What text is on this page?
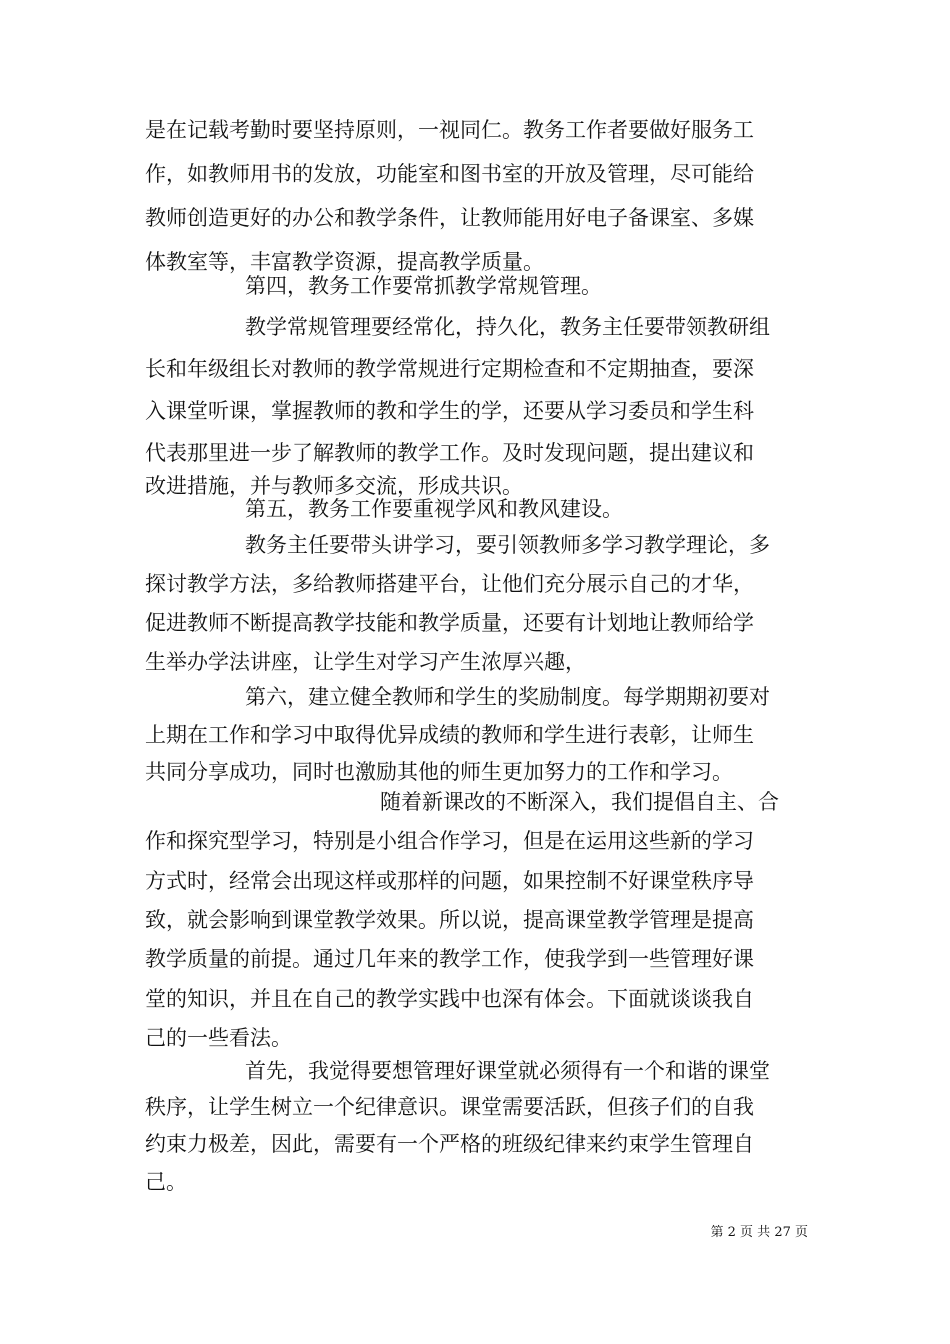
是在记载考勤时要坚持原则，一视同仁。教务工作者要做好服务工
作，如教师用书的发放，功能室和图书室的开放及管理，尽可能给
教师创造更好的办公和教学条件，让教师能用好电子备课室、多媒
体教室等，丰富教学资源，提高教学质量。
第四，教务工作要常抓教学常规管理。
教学常规管理要经常化，持久化，教务主任要带领教研组
长和年级组长对教师的教学常规进行定期检查和不定期抽查，要深
入课堂听课，掌握教师的教和学生的学，还要从学习委员和学生科
代表那里进一步了解教师的教学工作。及时发现问题，提出建议和
改进措施，并与教师多交流，形成共识。
第五，教务工作要重视学风和教风建设。
教务主任要带头讲学习，要引领教师多学习教学理论，多
探讨教学方法，多给教师搭建平台，让他们充分展示自己的才华，
促进教师不断提高教学技能和教学质量，还要有计划地让教师给学
生举办学法讲座，让学生对学习产生浓厚兴趣，
第六，建立健全教师和学生的奖励制度。每学期期初要对
上期在工作和学习中取得优异成绩的教师和学生进行表彰，让师生
共同分享成功，同时也激励其他的师生更加努力的工作和学习。
随着新课改的不断深入，我们提倡自主、合
作和探究型学习，特别是小组合作学习，但是在运用这些新的学习
方式时，经常会出现这样或那样的问题，如果控制不好课堂秩序导
致，就会影响到课堂教学效果。所以说，提高课堂教学管理是提高
教学质量的前提。通过几年来的教学工作，使我学到一些管理好课
堂的知识，并且在自己的教学实践中也深有体会。下面就谈谈我自
己的一些看法。
首先，我觉得要想管理好课堂就必须得有一个和谐的课堂
秩序，让学生树立一个纪律意识。课堂需要活跃，但孩子们的自我
约束力极差，因此，需要有一个严格的班级纪律来约束学生管理自
己。
第 2 页 共 27 页
